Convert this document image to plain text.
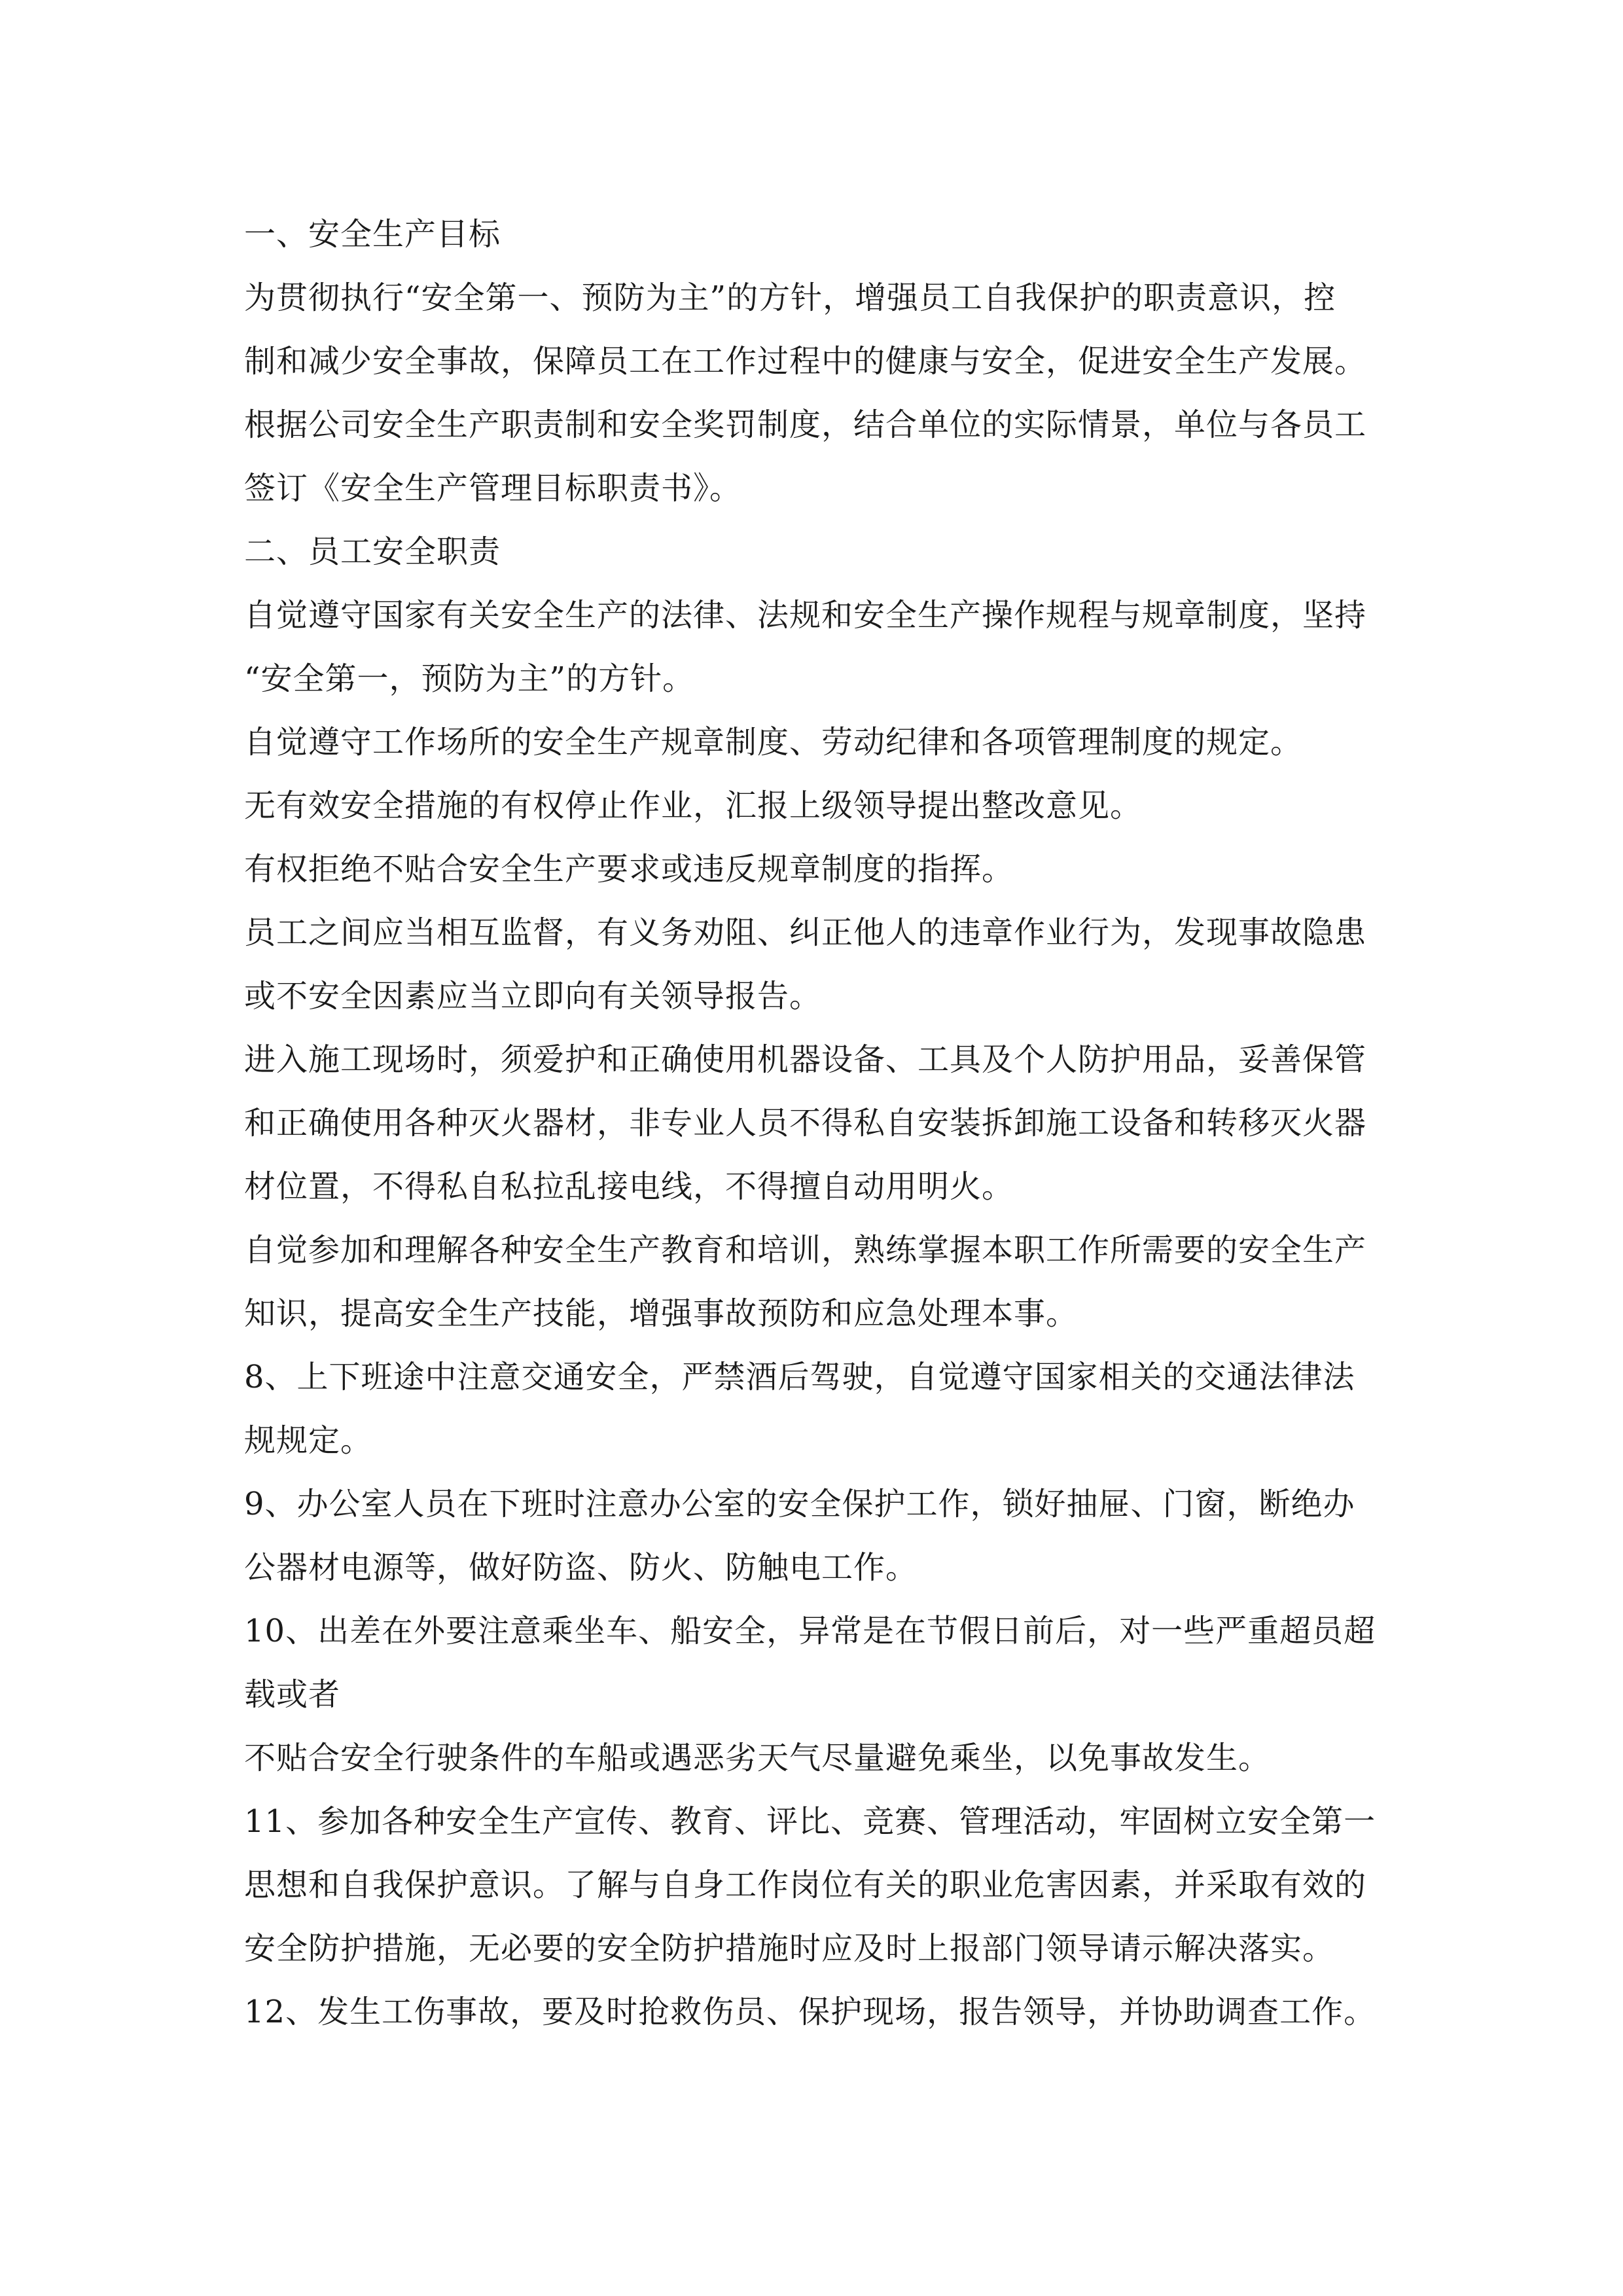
一、安全生产目标
为贯彻执行“安全第一、预防为主”的方针，增强员工自我保护的职责意识，控
制和减少安全事故，保障员工在工作过程中的健康与安全，促进安全生产发展。
根据公司安全生产职责制和安全奖罚制度，结合单位的实际情景，单位与各员工
签订《安全生产管理目标职责书》。
二、员工安全职责
自觉遵守国家有关安全生产的法律、法规和安全生产操作规程与规章制度，坚持
“安全第一，预防为主”的方针。
自觉遵守工作场所的安全生产规章制度、劳动纪律和各项管理制度的规定。
无有效安全措施的有权停止作业，汇报上级领导提出整改意见。
有权拒绝不贴合安全生产要求或违反规章制度的指挥。
员工之间应当相互监督，有义务劝阻、纠正他人的违章作业行为，发现事故隐患
或不安全因素应当立即向有关领导报告。
进入施工现场时，须爱护和正确使用机器设备、工具及个人防护用品，妥善保管
和正确使用各种灭火器材，非专业人员不得私自安装拆卸施工设备和转移灭火器
材位置，不得私自私拉乱接电线，不得擅自动用明火。
自觉参加和理解各种安全生产教育和培训，熟练掌握本职工作所需要的安全生产
知识，提高安全生产技能，增强事故预防和应急处理本事。
8、上下班途中注意交通安全，严禁酒后驾驶，自觉遵守国家相关的交通法律法
规规定。
9、办公室人员在下班时注意办公室的安全保护工作，锁好抽屉、门窗，断绝办
公器材电源等，做好防盗、防火、防触电工作。
10、出差在外要注意乘坐车、船安全，异常是在节假日前后，对一些严重超员超
载或者
不贴合安全行驶条件的车船或遇恶劣天气尽量避免乘坐，以免事故发生。
11、参加各种安全生产宣传、教育、评比、竞赛、管理活动，牢固树立安全第一
思想和自我保护意识。了解与自身工作岗位有关的职业危害因素，并采取有效的
安全防护措施，无必要的安全防护措施时应及时上报部门领导请示解决落实。
12、发生工伤事故，要及时抢救伤员、保护现场，报告领导，并协助调查工作。
